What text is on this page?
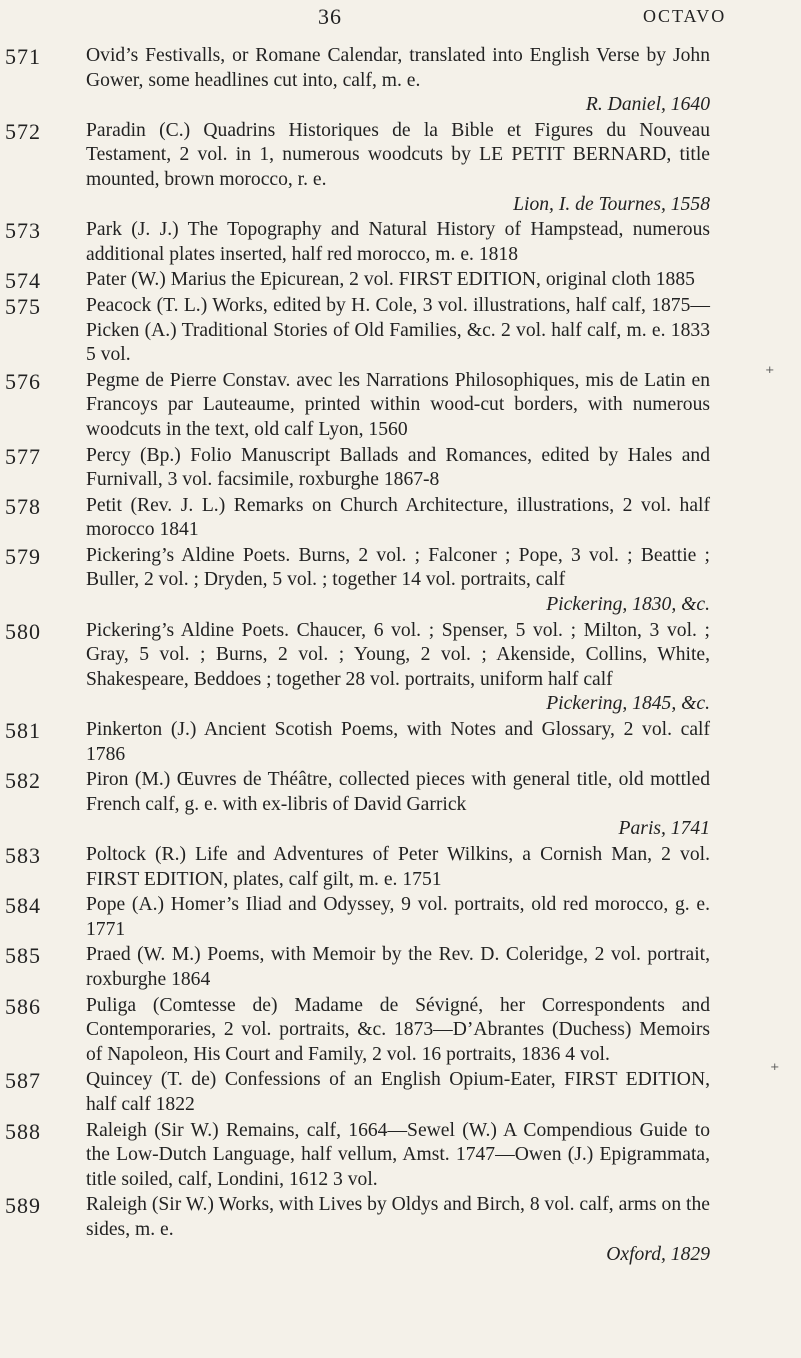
36	OCTAVO
571 Ovid’s Festivalls, or Romane Calendar, translated into English Verse by John Gower, some headlines cut into, calf, m. e.
R. Daniel, 1640
572 Paradin (C.) Quadrins Historiques de la Bible et Figures du Nouveau Testament, 2 vol. in 1, numerous woodcuts by LE PETIT BERNARD, title mounted, brown morocco, r. e.
Lion, I. de Tournes, 1558
573 Park (J. J.) The Topography and Natural History of Hampstead, numerous additional plates inserted, half red morocco, m. e. 1818
574 Pater (W.) Marius the Epicurean, 2 vol. FIRST EDITION, original cloth 1885
575 Peacock (T. L.) Works, edited by H. Cole, 3 vol. illustrations, half calf, 1875—Picken (A.) Traditional Stories of Old Families, &c. 2 vol. half calf, m. e. 1833 5 vol.
576 Pegme de Pierre Constav. avec les Narrations Philosophiques, mis de Latin en Francoys par Lauteaume, printed within wood-cut borders, with numerous woodcuts in the text, old calf Lyon, 1560
577 Percy (Bp.) Folio Manuscript Ballads and Romances, edited by Hales and Furnivall, 3 vol. facsimile, roxburghe 1867-8
578 Petit (Rev. J. L.) Remarks on Church Architecture, illustrations, 2 vol. half morocco 1841
579 Pickering’s Aldine Poets. Burns, 2 vol. ; Falconer ; Pope, 3 vol. ; Beattie ; Buller, 2 vol. ; Dryden, 5 vol. ; together 14 vol. portraits, calf
Pickering, 1830, &c.
580 Pickering’s Aldine Poets. Chaucer, 6 vol. ; Spenser, 5 vol. ; Milton, 3 vol. ; Gray, 5 vol. ; Burns, 2 vol. ; Young, 2 vol. ; Akenside, Collins, White, Shakespeare, Beddoes ; together 28 vol. portraits, uniform half calf
Pickering, 1845, &c.
581 Pinkerton (J.) Ancient Scotish Poems, with Notes and Glossary, 2 vol. calf 1786
582 Piron (M.) Œuvres de Théâtre, collected pieces with general title, old mottled French calf, g. e. with ex-libris of David Garrick
Paris, 1741
583 Poltock (R.) Life and Adventures of Peter Wilkins, a Cornish Man, 2 vol. FIRST EDITION, plates, calf gilt, m. e. 1751
584 Pope (A.) Homer’s Iliad and Odyssey, 9 vol. portraits, old red morocco, g. e. 1771
585 Praed (W. M.) Poems, with Memoir by the Rev. D. Coleridge, 2 vol. portrait, roxburghe 1864
586 Puliga (Comtesse de) Madame de Sévigné, her Correspondents and Contemporaries, 2 vol. portraits, &c. 1873—D’Abrantes (Duchess) Memoirs of Napoleon, His Court and Family, 2 vol. 16 portraits, 1836 4 vol.
587 Quincey (T. de) Confessions of an English Opium-Eater, FIRST EDITION, half calf 1822
588 Raleigh (Sir W.) Remains, calf, 1664—Sewel (W.) A Compendious Guide to the Low-Dutch Language, half vellum, Amst. 1747—Owen (J.) Epigrammata, title soiled, calf, Londini, 1612 3 vol.
589 Raleigh (Sir W.) Works, with Lives by Oldys and Birch, 8 vol. calf, arms on the sides, m. e.
Oxford, 1829
⁺
⁺
